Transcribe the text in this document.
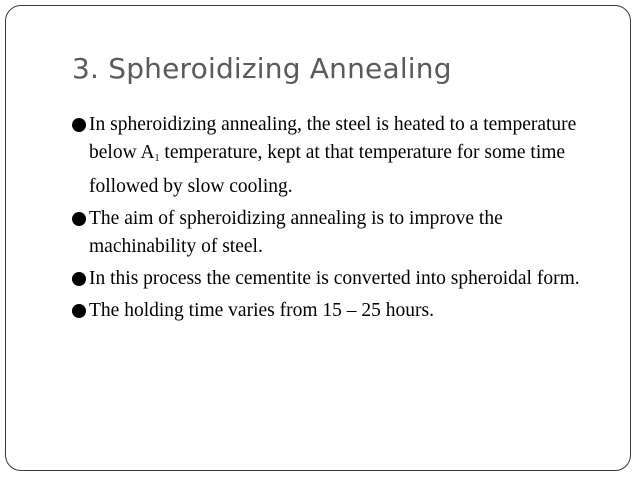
3. Spheroidizing Annealing
In spheroidizing annealing, the steel is heated to a temperature below $A_1$ temperature, kept at that temperature for some time followed by slow cooling.
The aim of spheroidizing annealing is to improve the machinability of steel.
In this process the cementite is converted into spheroidal form.
The holding time varies from 15 – 25 hours.
